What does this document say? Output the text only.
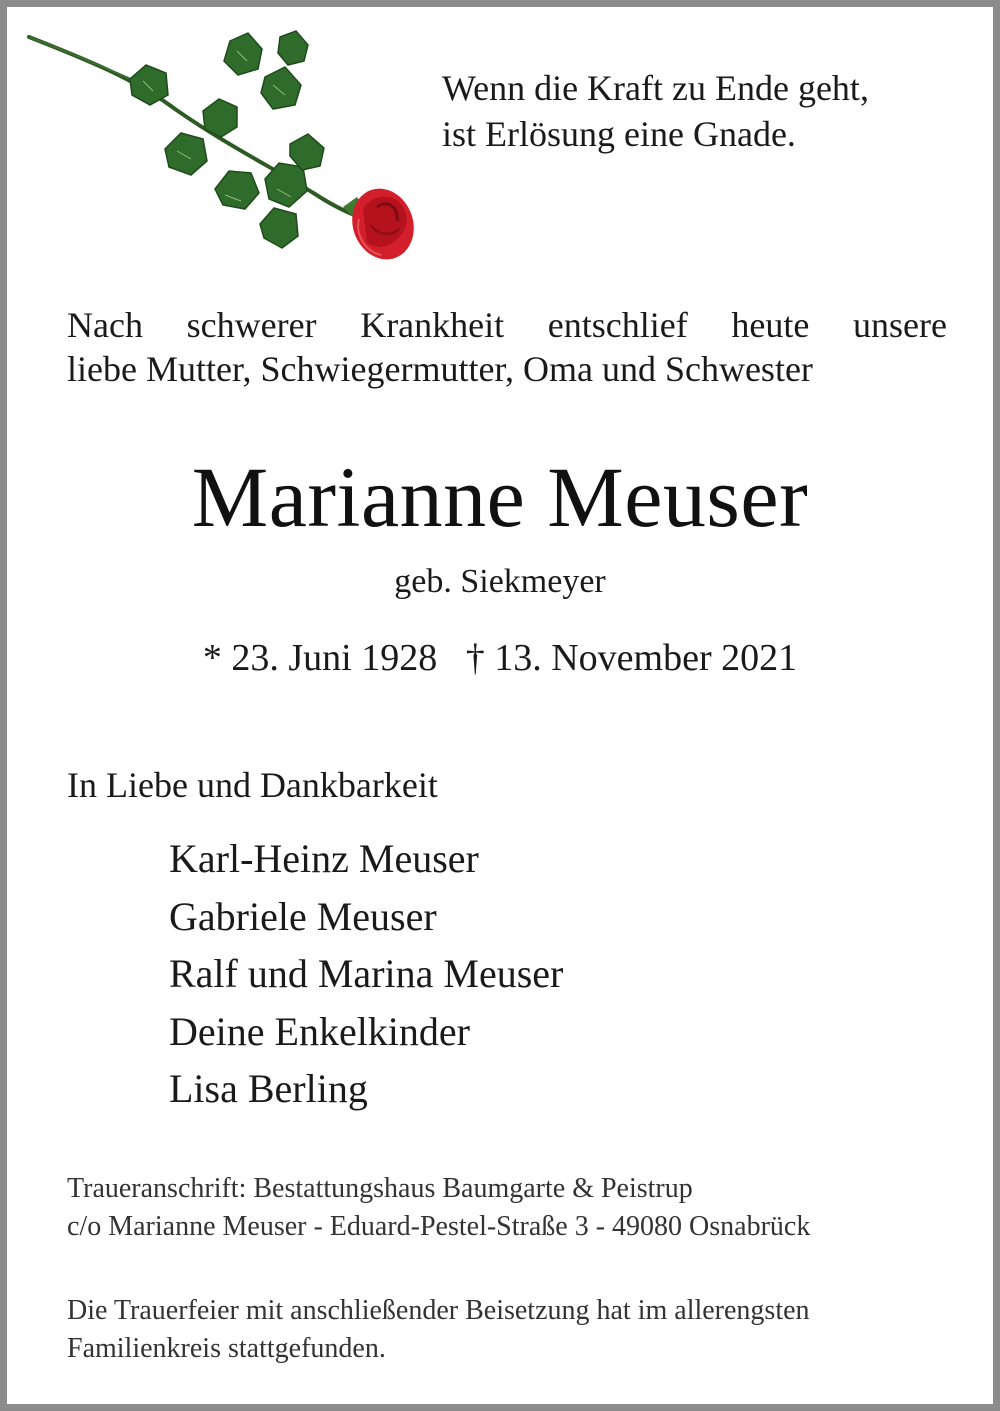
Wenn die Kraft zu Ende geht,
ist Erlösung eine Gnade.
Nach schwerer Krankheit entschlief heute unsere
liebe Mutter, Schwiegermutter, Oma und Schwester
Marianne Meuser
geb. Siekmeyer
* 23. Juni 1928 † 13. November 2021
In Liebe und Dankbarkeit
Karl-Heinz Meuser
Gabriele Meuser
Ralf und Marina Meuser
Deine Enkelkinder
Lisa Berling
Traueranschrift: Bestattungshaus Baumgarte & Peistrup
c/o Marianne Meuser - Eduard-Pestel-Straße 3 - 49080 Osnabrück
Die Trauerfeier mit anschließender Beisetzung hat im allerengsten
Familienkreis stattgefunden.
